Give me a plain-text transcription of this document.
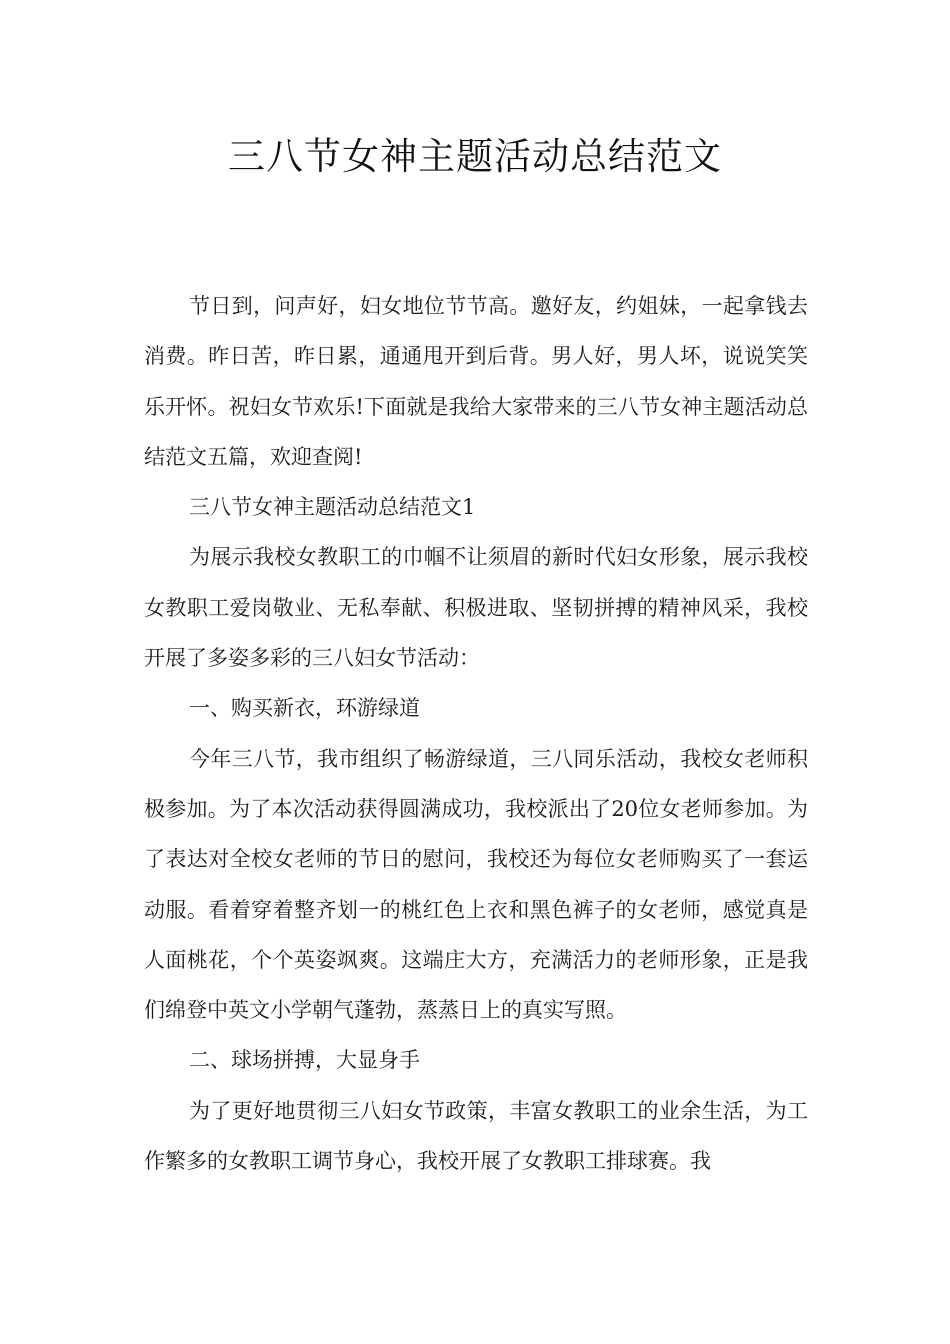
三八节女神主题活动总结范文

节日到，问声好，妇女地位节节高。邀好友，约姐妹，一起拿钱去消费。昨日苦，昨日累，通通甩开到后背。男人好，男人坏，说说笑笑乐开怀。祝妇女节欢乐!下面就是我给大家带来的三八节女神主题活动总结范文五篇，欢迎查阅!

三八节女神主题活动总结范文1

为展示我校女教职工的巾帼不让须眉的新时代妇女形象，展示我校女教职工爱岗敬业、无私奉献、积极进取、坚韧拼搏的精神风采，我校开展了多姿多彩的三八妇女节活动：

一、购买新衣，环游绿道

今年三八节，我市组织了畅游绿道，三八同乐活动，我校女老师积极参加。为了本次活动获得圆满成功，我校派出了20位女老师参加。为了表达对全校女老师的节日的慰问，我校还为每位女老师购买了一套运动服。看着穿着整齐划一的桃红色上衣和黑色裤子的女老师，感觉真是人面桃花，个个英姿飒爽。这端庄大方，充满活力的老师形象，正是我们绵登中英文小学朝气蓬勃，蒸蒸日上的真实写照。

二、球场拼搏，大显身手

为了更好地贯彻三八妇女节政策，丰富女教职工的业余生活，为工作繁多的女教职工调节身心，我校开展了女教职工排球赛。我
